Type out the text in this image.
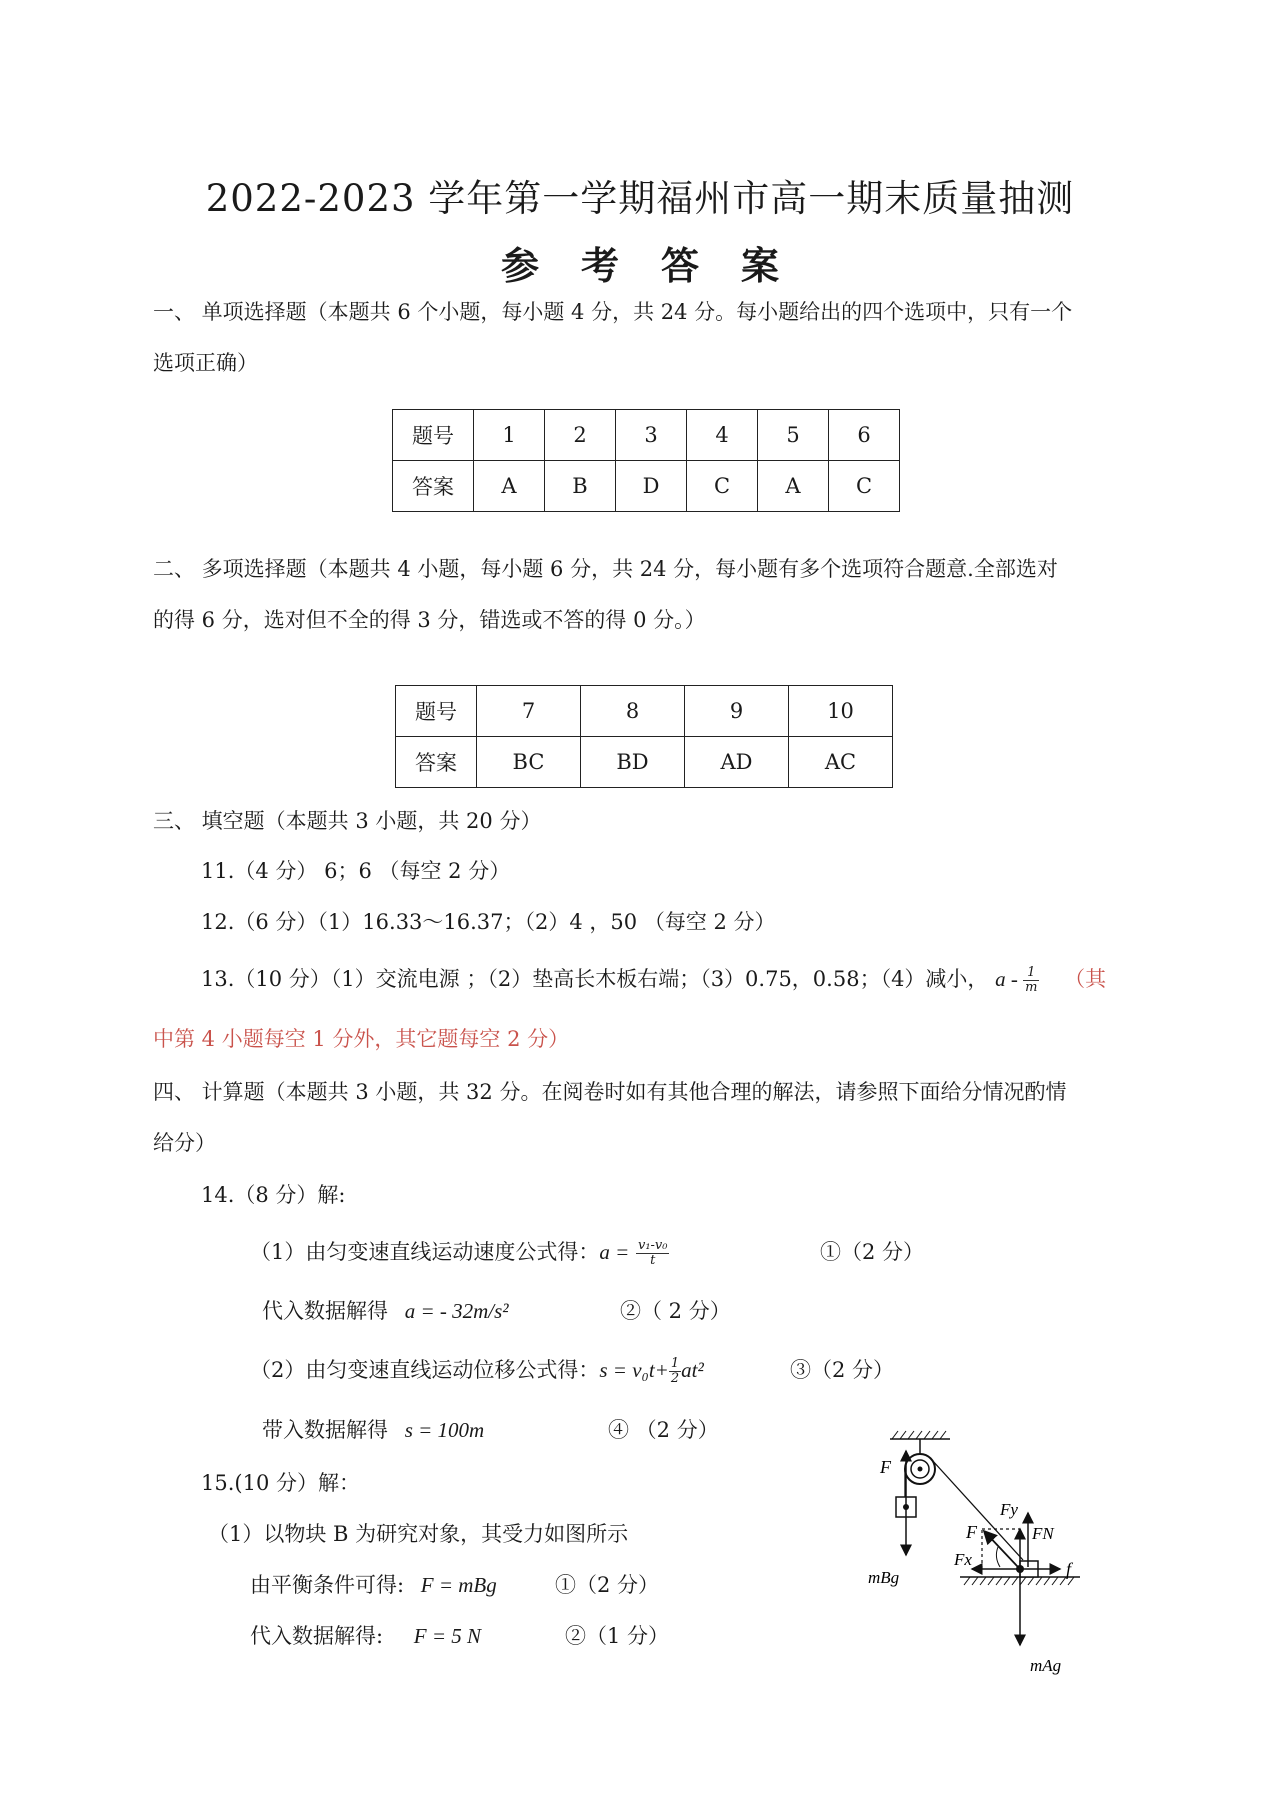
2022-2023 学年第一学期福州市高一期末质量抽测
参考答案
一、 单项选择题（本题共 6 个小题，每小题 4 分，共 24 分。每小题给出的四个选项中，只有一个
选项正确）
题号	1	2	3	4	5	6
答案	A	B	D	C	A	C
二、 多项选择题（本题共 4 小题，每小题 6 分，共 24 分，每小题有多个选项符合题意.全部选对
的得 6 分，选对但不全的得 3 分，错选或不答的得 0 分。）
题号	7	8	9	10
答案	BC	BD	AD	AC
三、 填空题（本题共 3 小题，共 20 分）
11.（4 分） 6；6 （每空 2 分）
12.（6 分）（1）16.33～16.37；（2）4 ，50 （每空 2 分）
13.（10 分）（1）交流电源 ；（2）垫高长木板右端；（3）0.75，0.58；（4）减小， a - $\frac{1}{m}$ （其
中第 4 小题每空 1 分外，其它题每空 2 分）
四、 计算题（本题共 3 小题，共 32 分。在阅卷时如有其他合理的解法，请参照下面给分情况酌情
给分）
14.（8 分）解:
（1）由匀变速直线运动速度公式得：$a = \frac{\text{v₁-v₀}}{t}$	①（2 分）
代入数据解得 a = - 32m/s²	②（ 2 分）
（2）由匀变速直线运动位移公式得：$s = v_0t+ \frac{1}{2} at^2$	③（2 分）
带入数据解得 s = 100m	④ （2 分）
15.(10 分）解：
（1）以物块 B 为研究对象，其受力如图所示
由平衡条件可得: F = mBg	①（2 分）
代入数据解得: F = 5 N	②（1 分）
F
mBg
F
Fy
FN
Fx	f
mAg
